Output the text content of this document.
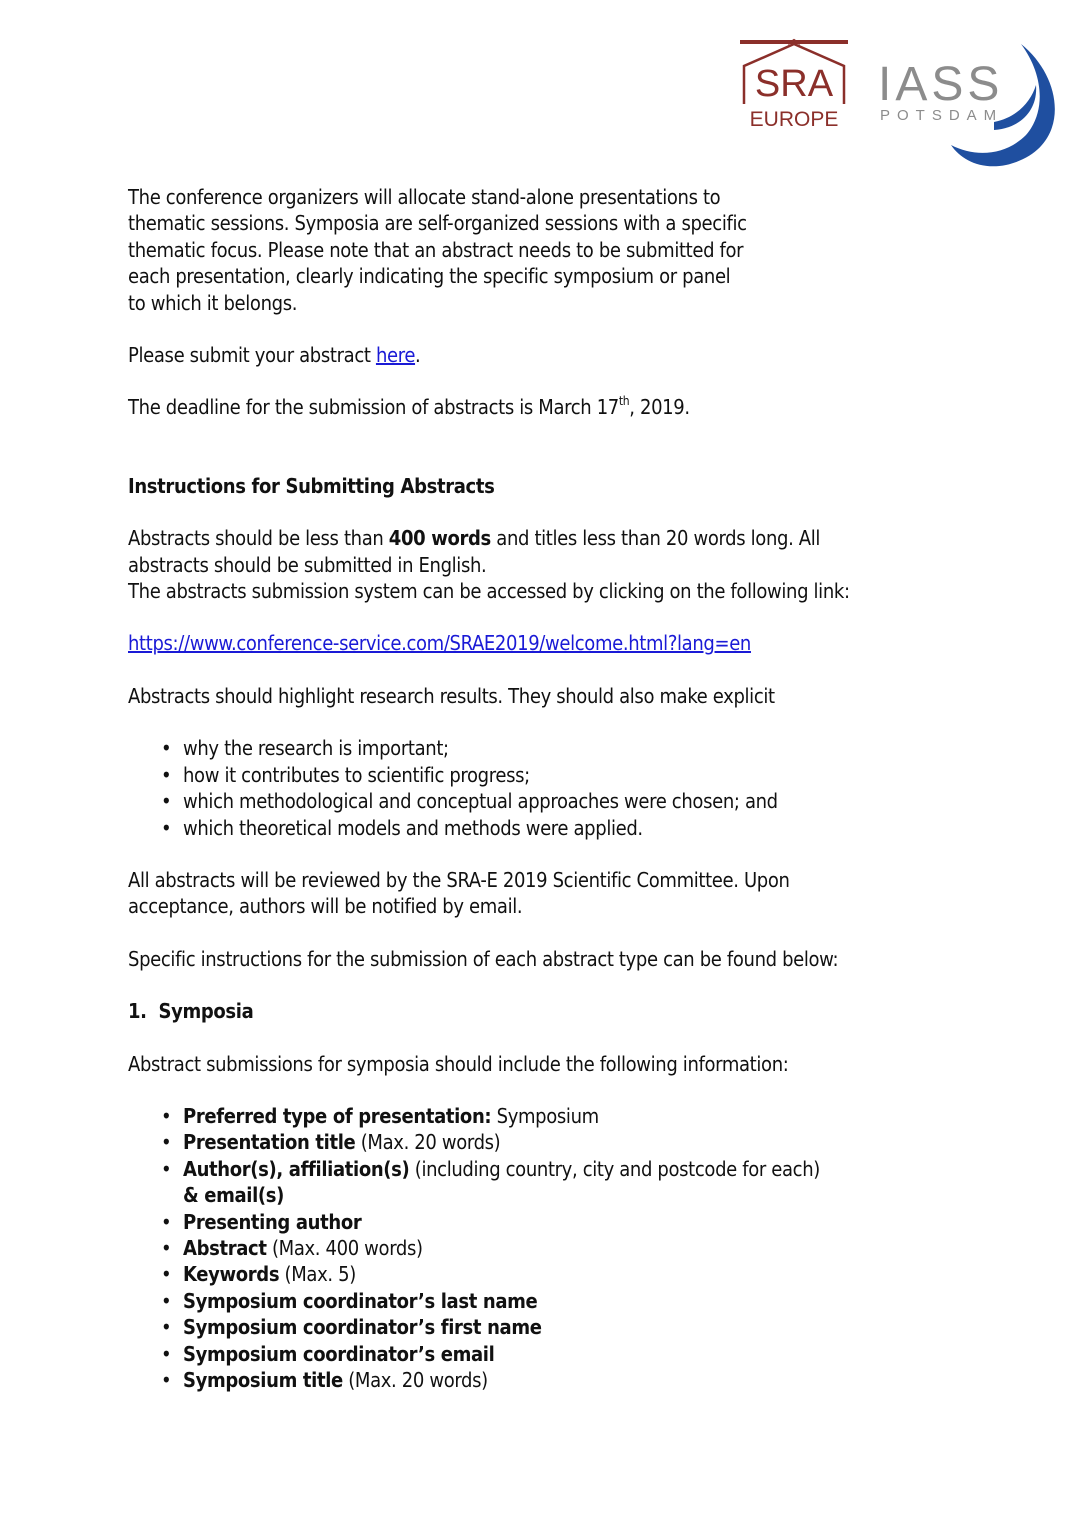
SRA
EUROPE
IASS
POTSDAM

The conference organizers will allocate stand-alone presentations to
thematic sessions. Symposia are self-organized sessions with a specific
thematic focus. Please note that an abstract needs to be submitted for
each presentation, clearly indicating the specific symposium or panel
to which it belongs.

Please submit your abstract here.

The deadline for the submission of abstracts is March 17th, 2019.

Instructions for Submitting Abstracts

Abstracts should be less than 400 words and titles less than 20 words long. All
abstracts should be submitted in English.
The abstracts submission system can be accessed by clicking on the following link:

https://www.conference-service.com/SRAE2019/welcome.html?lang=en

Abstracts should highlight research results. They should also make explicit

• why the research is important;
• how it contributes to scientific progress;
• which methodological and conceptual approaches were chosen; and
• which theoretical models and methods were applied.

All abstracts will be reviewed by the SRA-E 2019 Scientific Committee. Upon
acceptance, authors will be notified by email.

Specific instructions for the submission of each abstract type can be found below:

1.  Symposia

Abstract submissions for symposia should include the following information:

• Preferred type of presentation: Symposium
• Presentation title (Max. 20 words)
• Author(s), affiliation(s) (including country, city and postcode for each)
& email(s)
• Presenting author
• Abstract (Max. 400 words)
• Keywords (Max. 5)
• Symposium coordinator’s last name
• Symposium coordinator’s first name
• Symposium coordinator’s email
• Symposium title (Max. 20 words)
